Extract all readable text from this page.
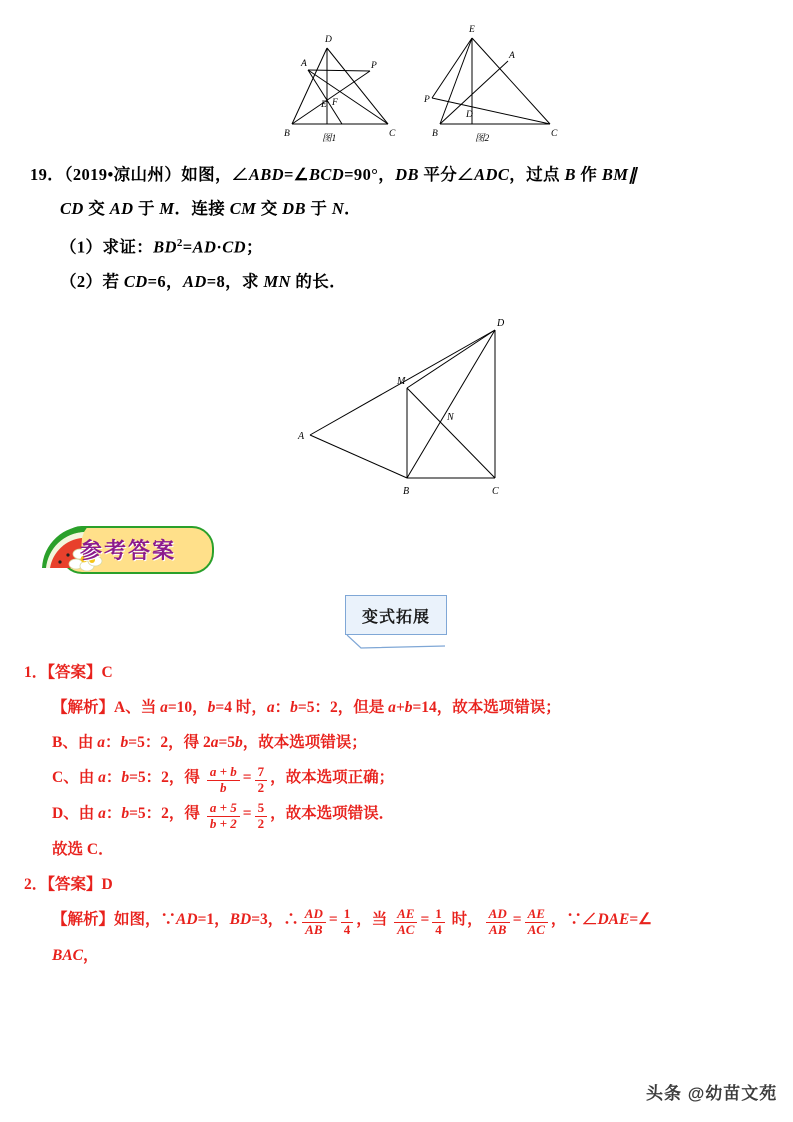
D
A	P
E F
B	C
图1
E
A
P
D
B	C
图2
19．（2019•凉山州）如图，∠ABD=∠BCD=90°，DB 平分∠ADC，过点 B 作 BM∥
CD 交 AD 于 M．连接 CM 交 DB 于 N．
（1）求证：$BD^2=AD\cdot CD$；
（2）若 CD=6，AD=8，求 MN 的长．
D
M
N
A
B	C
参考答案
变式拓展
1．【答案】C
【解析】A、当 a=10，b=4 时，a：b=5：2，但是 a+b=14，故本选项错误；
B、由 a：b=5：2，得 2a=5b，故本选项错误；
C、由 a：b=5：2，得 $\frac{a + b}{b} = \frac{7}{2}$ ，故本选项正确；
D、由 a：b=5：2，得 $\frac{a + 5}{b + 2} = \frac{5}{2}$ ，故本选项错误．
故选 C．
2．【答案】D
【解析】如图，∵AD=1，BD=3，∴ $\frac{AD}{AB} = \frac{1}{4}$ ，当 $\frac{AE}{AC} = \frac{1}{4}$ 时， $\frac{AD}{AB} = \frac{AE}{AC}$ ，∵∠DAE=∠
BAC，
头条 @幼苗文苑
